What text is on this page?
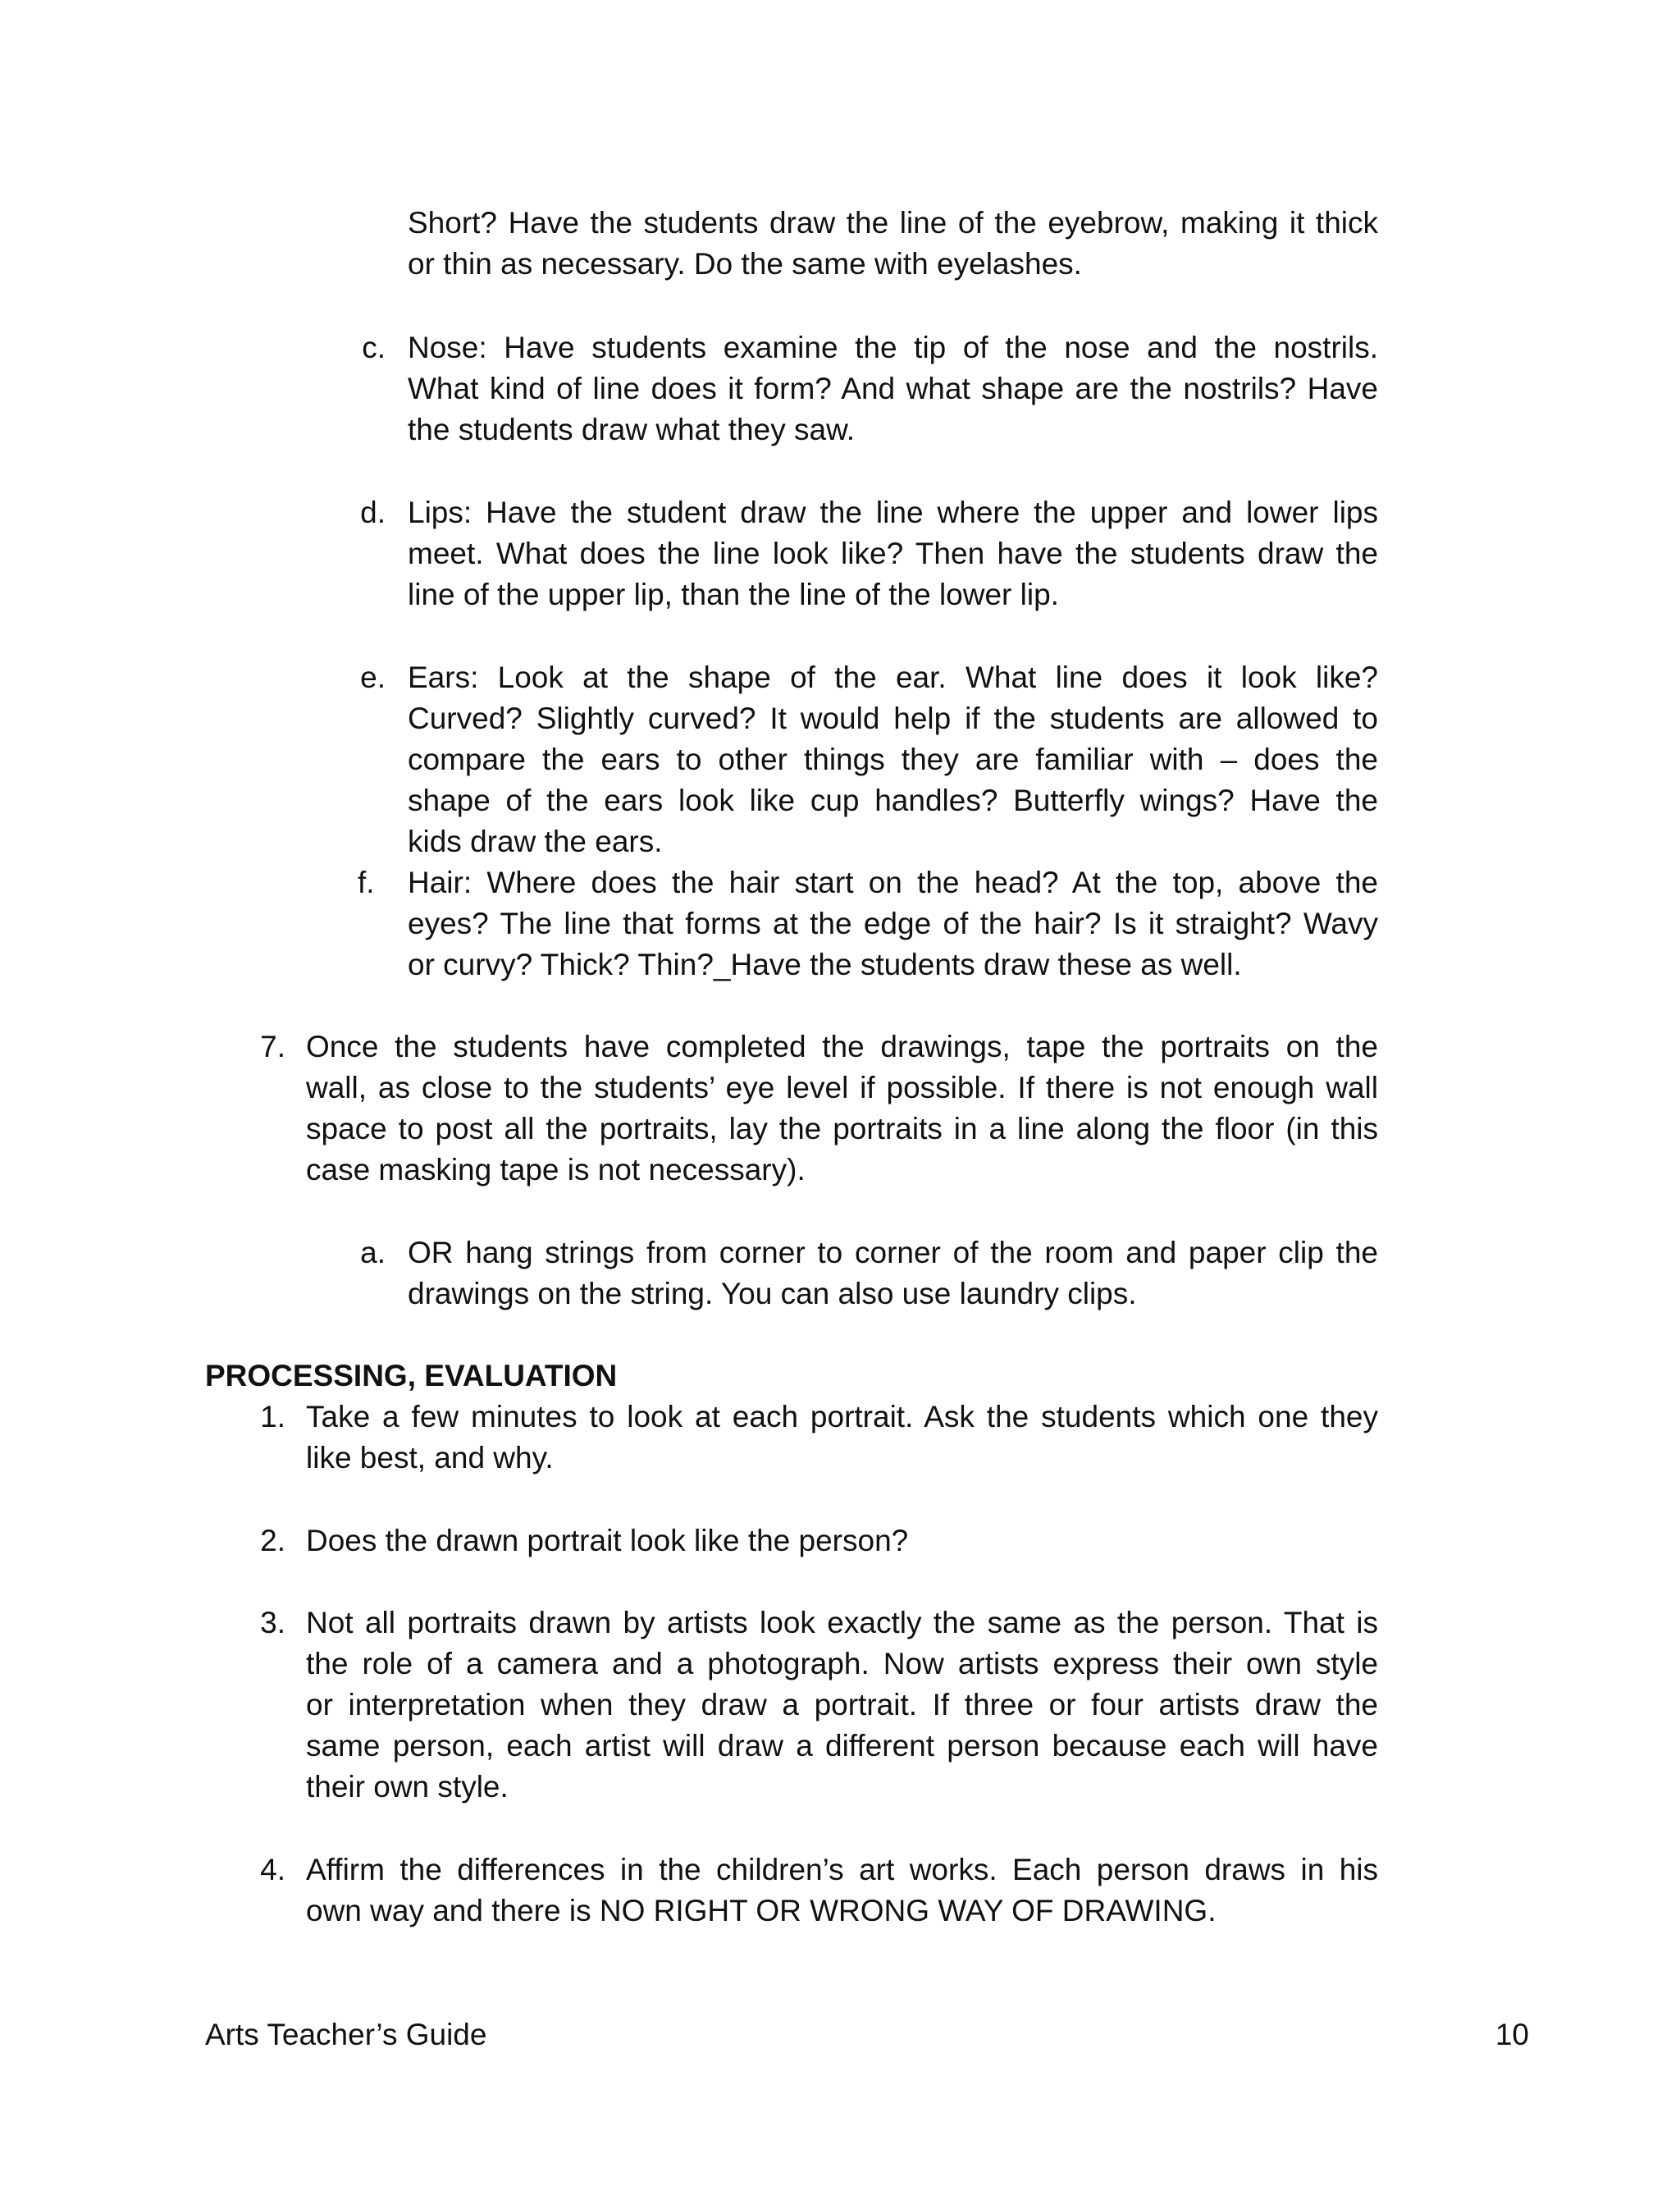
Short? Have the students draw the line of the eyebrow, making it thick
or thin as necessary. Do the same with eyelashes.
c. Nose: Have students examine the tip of the nose and the nostrils.
What kind of line does it form? And what shape are the nostrils? Have
the students draw what they saw.
d. Lips: Have the student draw the line where the upper and lower lips
meet. What does the line look like? Then have the students draw the
line of the upper lip, than the line of the lower lip.
e. Ears: Look at the shape of the ear. What line does it look like?
Curved? Slightly curved? It would help if the students are allowed to
compare the ears to other things they are familiar with – does the
shape of the ears look like cup handles? Butterfly wings? Have the
kids draw the ears.
f. Hair: Where does the hair start on the head? At the top, above the
eyes? The line that forms at the edge of the hair? Is it straight? Wavy
or curvy? Thick? Thin?_Have the students draw these as well.
7. Once the students have completed the drawings, tape the portraits on the
wall, as close to the students’ eye level if possible. If there is not enough wall
space to post all the portraits, lay the portraits in a line along the floor (in this
case masking tape is not necessary).
a. OR hang strings from corner to corner of the room and paper clip the
drawings on the string. You can also use laundry clips.
PROCESSING, EVALUATION
1. Take a few minutes to look at each portrait. Ask the students which one they
like best, and why.
2. Does the drawn portrait look like the person?
3. Not all portraits drawn by artists look exactly the same as the person. That is
the role of a camera and a photograph. Now artists express their own style
or interpretation when they draw a portrait. If three or four artists draw the
same person, each artist will draw a different person because each will have
their own style.
4. Affirm the differences in the children’s art works. Each person draws in his
own way and there is NO RIGHT OR WRONG WAY OF DRAWING.
Arts Teacher’s Guide	10
